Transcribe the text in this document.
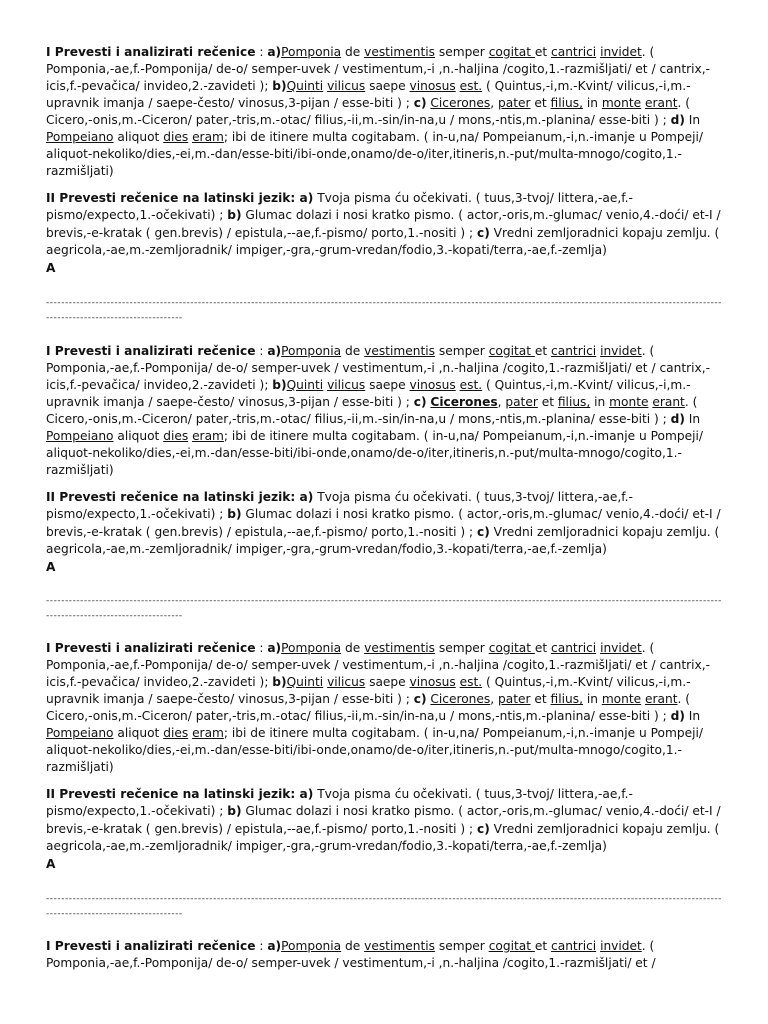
I Prevesti i analizirati rečenice : a)Pomponia de vestimentis semper cogitat et cantrici invidet. ( Pomponia,-ae,f.-Pomponija/ de-o/ semper-uvek / vestimentum,-i ,n.-haljina /cogito,1.-razmišljati/ et / cantrix,-icis,f.-pevačica/ invideo,2.-zavideti ); b)Quinti vilicus saepe vinosus est. ( Quintus,-i,m.-Kvint/ vilicus,-i,m.-upravnik imanja / saepe-često/ vinosus,3-pijan / esse-biti ) ; c) Cicerones, pater et filius, in monte erant. ( Cicero,-onis,m.-Ciceron/ pater,-tris,m.-otac/ filius,-ii,m.-sin/in-na,u / mons,-ntis,m.-planina/ esse-biti ) ; d) In Pompeiano aliquot dies eram; ibi de itinere multa cogitabam. ( in-u,na/ Pompeianum,-i,n.-imanje u Pompeji/ aliquot-nekoliko/dies,-ei,m.-dan/esse-biti/ibi-onde,onamo/de-o/iter,itineris,n.-put/multa-mnogo/cogito,1.-razmišljati)

II Prevesti rečenice na latinski jezik: a) Tvoja pisma ću očekivati. ( tuus,3-tvoj/ littera,-ae,f.-pismo/expecto,1.-očekivati) ; b) Glumac dolazi i nosi kratko pismo. ( actor,-oris,m.-glumac/ venio,4.-doći/ et-I / brevis,-e-kratak ( gen.brevis) / epistula,--ae,f.-pismo/ porto,1.-nositi ) ; c) Vredni zemljoradnici kopaju zemlju. ( aegricola,-ae,m.-zemljoradnik/ impiger,-gra,-grum-vredan/fodio,3.-kopati/terra,-ae,f.-zemlja)

A

----------------------------------------------------------------------------------------------------------------------------------------------------------------------------------------------------------------------

I Prevesti i analizirati rečenice : a)Pomponia de vestimentis semper cogitat et cantrici invidet. ( Pomponia,-ae,f.-Pomponija/ de-o/ semper-uvek / vestimentum,-i ,n.-haljina /cogito,1.-razmišljati/ et / cantrix,-icis,f.-pevačica/ invideo,2.-zavideti ); b)Quinti vilicus saepe vinosus est. ( Quintus,-i,m.-Kvint/ vilicus,-i,m.-upravnik imanja / saepe-često/ vinosus,3-pijan / esse-biti ) ; c) Cicerones, pater et filius, in monte erant. ( Cicero,-onis,m.-Ciceron/ pater,-tris,m.-otac/ filius,-ii,m.-sin/in-na,u / mons,-ntis,m.-planina/ esse-biti ) ; d) In Pompeiano aliquot dies eram; ibi de itinere multa cogitabam. ( in-u,na/ Pompeianum,-i,n.-imanje u Pompeji/ aliquot-nekoliko/dies,-ei,m.-dan/esse-biti/ibi-onde,onamo/de-o/iter,itineris,n.-put/multa-mnogo/cogito,1.-razmišljati)

II Prevesti rečenice na latinski jezik: a) Tvoja pisma ću očekivati. ( tuus,3-tvoj/ littera,-ae,f.-pismo/expecto,1.-očekivati) ; b) Glumac dolazi i nosi kratko pismo. ( actor,-oris,m.-glumac/ venio,4.-doći/ et-I / brevis,-e-kratak ( gen.brevis) / epistula,--ae,f.-pismo/ porto,1.-nositi ) ; c) Vredni zemljoradnici kopaju zemlju. ( aegricola,-ae,m.-zemljoradnik/ impiger,-gra,-grum-vredan/fodio,3.-kopati/terra,-ae,f.-zemlja)

A

----------------------------------------------------------------------------------------------------------------------------------------------------------------------------------------------------------------------

I Prevesti i analizirati rečenice : a)Pomponia de vestimentis semper cogitat et cantrici invidet. ( Pomponia,-ae,f.-Pomponija/ de-o/ semper-uvek / vestimentum,-i ,n.-haljina /cogito,1.-razmišljati/ et / cantrix,-icis,f.-pevačica/ invideo,2.-zavideti ); b)Quinti vilicus saepe vinosus est. ( Quintus,-i,m.-Kvint/ vilicus,-i,m.-upravnik imanja / saepe-često/ vinosus,3-pijan / esse-biti ) ; c) Cicerones, pater et filius, in monte erant. ( Cicero,-onis,m.-Ciceron/ pater,-tris,m.-otac/ filius,-ii,m.-sin/in-na,u / mons,-ntis,m.-planina/ esse-biti ) ; d) In Pompeiano aliquot dies eram; ibi de itinere multa cogitabam. ( in-u,na/ Pompeianum,-i,n.-imanje u Pompeji/ aliquot-nekoliko/dies,-ei,m.-dan/esse-biti/ibi-onde,onamo/de-o/iter,itineris,n.-put/multa-mnogo/cogito,1.-razmišljati)

II Prevesti rečenice na latinski jezik: a) Tvoja pisma ću očekivati. ( tuus,3-tvoj/ littera,-ae,f.-pismo/expecto,1.-očekivati) ; b) Glumac dolazi i nosi kratko pismo. ( actor,-oris,m.-glumac/ venio,4.-doći/ et-I / brevis,-e-kratak ( gen.brevis) / epistula,--ae,f.-pismo/ porto,1.-nositi ) ; c) Vredni zemljoradnici kopaju zemlju. ( aegricola,-ae,m.-zemljoradnik/ impiger,-gra,-grum-vredan/fodio,3.-kopati/terra,-ae,f.-zemlja)

A

----------------------------------------------------------------------------------------------------------------------------------------------------------------------------------------------------------------------

I Prevesti i analizirati rečenice : a)Pomponia de vestimentis semper cogitat et cantrici invidet. ( Pomponia,-ae,f.-Pomponija/ de-o/ semper-uvek / vestimentum,-i ,n.-haljina /cogito,1.-razmišljati/ et /
